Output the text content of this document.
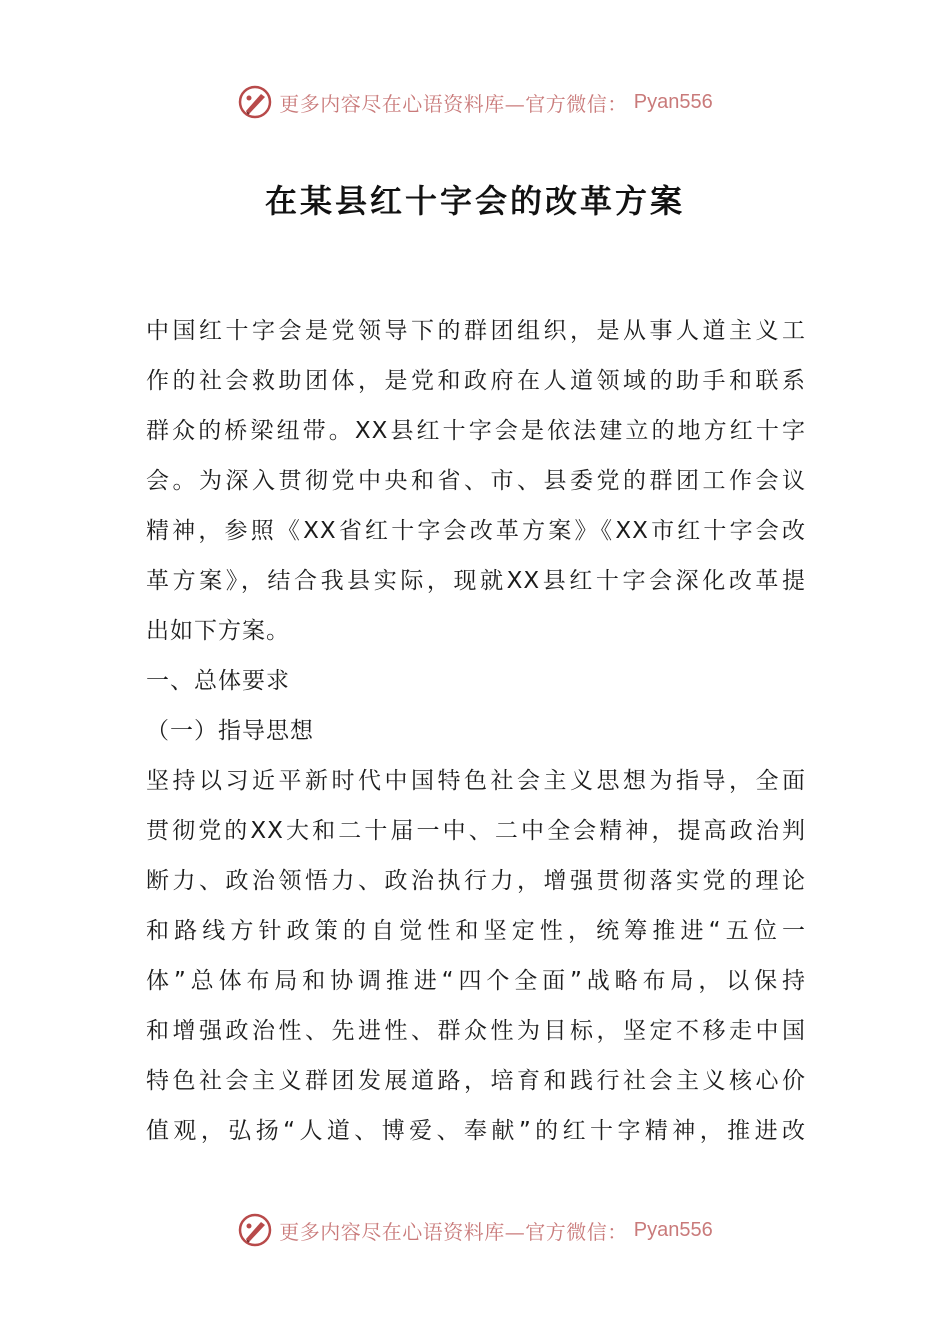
更多内容尽在心语资料库—官方微信： Pyan556
在某县红十字会的改革方案
中国红十字会是党领导下的群团组织，是从事人道主义工
作的社会救助团体，是党和政府在人道领域的助手和联系
群众的桥梁纽带。XX县红十字会是依法建立的地方红十字
会。为深入贯彻党中央和省、市、县委党的群团工作会议
精神，参照《XX省红十字会改革方案》《XX市红十字会改
革方案》，结合我县实际，现就XX县红十字会深化改革提
出如下方案。
一、总体要求
（一）指导思想
坚持以习近平新时代中国特色社会主义思想为指导，全面
贯彻党的XX大和二十届一中、二中全会精神，提高政治判
断力、政治领悟力、政治执行力，增强贯彻落实党的理论
和路线方针政策的自觉性和坚定性，统筹推进“五位一
体”总体布局和协调推进“四个全面”战略布局，以保持
和增强政治性、先进性、群众性为目标，坚定不移走中国
特色社会主义群团发展道路，培育和践行社会主义核心价
值观，弘扬“人道、博爱、奉献”的红十字精神，推进改
更多内容尽在心语资料库—官方微信： Pyan556
